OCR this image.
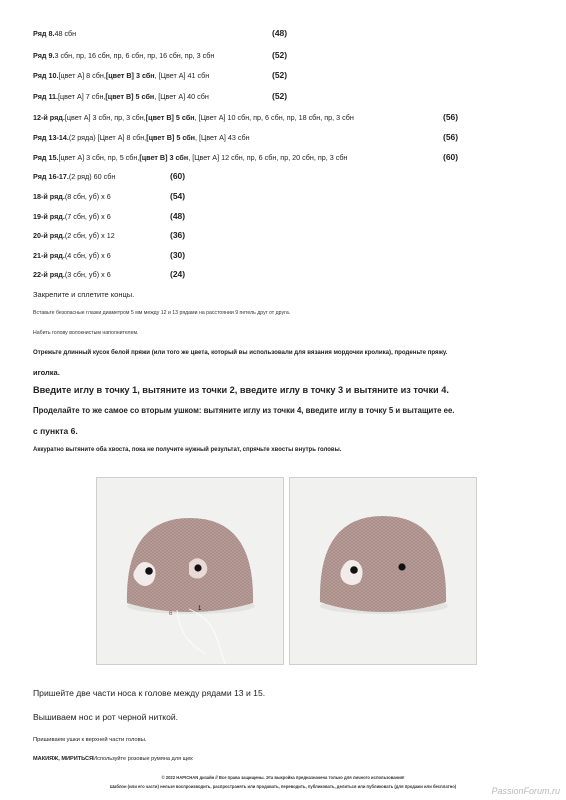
Ряд 8.48 сбн	(48)
Ряд 9.3 сбн, пр, 16 сбн, пр, 6 сбн, пр, 16 сбн, пр, 3 сбн	(52)
Ряд 10.[цвет А] 8 сбн,[цвет В] 3 сбн, [Цвет А] 41 сбн	(52)
Ряд 11.[цвет А] 7 сбн,[цвет В] 5 сбн, [Цвет А] 40 сбн	(52)
12-й ряд.[цвет А] 3 сбн, пр, 3 сбн,[цвет В] 5 сбн, [Цвет А] 10 сбн, пр, 6 сбн, пр, 18 сбн, пр, 3 сбн	(56)
Ряд 13-14.(2 ряда) [Цвет А] 8 сбн,[цвет В] 5 сбн, [Цвет А] 43 сбн	(56)
Ряд 15.[цвет А] 3 сбн, пр, 5 сбн,[цвет В] 3 сбн, [Цвет А] 12 сбн, пр, 6 сбн, пр, 20 сбн, пр, 3 сбн	(60)
Ряд 16-17.(2 ряд) 60 сбн	(60)
18-й ряд.(8 сбн, уб) х 6	(54)
19-й ряд.(7 сбн, уб) х 6	(48)
20-й ряд.(2 сбн, уб) х 12	(36)
21-й ряд.(4 сбн, уб) х 6	(30)
22-й ряд.(3 сбн, уб) х 6	(24)
Закрепите и сплетите концы.
Вставьте безопасные глазки диаметром 5 мм между 12 и 13 рядами на расстоянии 9 петель друг от друга.
Набить голову волокнистым наполнителем.
Отрежьте длинный кусок белой пряжи (или того же цвета, который вы использовали для вязания мордочки кролика), проденьте пряжу.
иголка.
Введите иглу в точку 1, вытяните из точки 2, введите иглу в точку 3 и вытяните из точки 4.
Проделайте то же самое со вторым ушком: вытяните иглу из точки 4, введите иглу в точку 5 и вытащите ее.
с пункта 6.
Аккуратно вытяните оба хвоста, пока не получите нужный результат, спрячьте хвосты внутрь головы.
6
1
Пришейте две части носа к голове между рядами 13 и 15.
Вышиваем нос и рот черной ниткой.
Пришиваем ушки к верхней части головы.
МАКИЯЖ, МИРИТЬСЯИспользуйте розовые румяна для щек
© 2022 HAPICHAN дизайн // Все права защищены. Эта выкройка предназначена только для личного использования!
Шаблон (или его части) нельзя воспроизводить, распространять или продавать, переводить, публиковать, делиться или публиковать (для продажи или бесплатно)	PassionForum.ru
